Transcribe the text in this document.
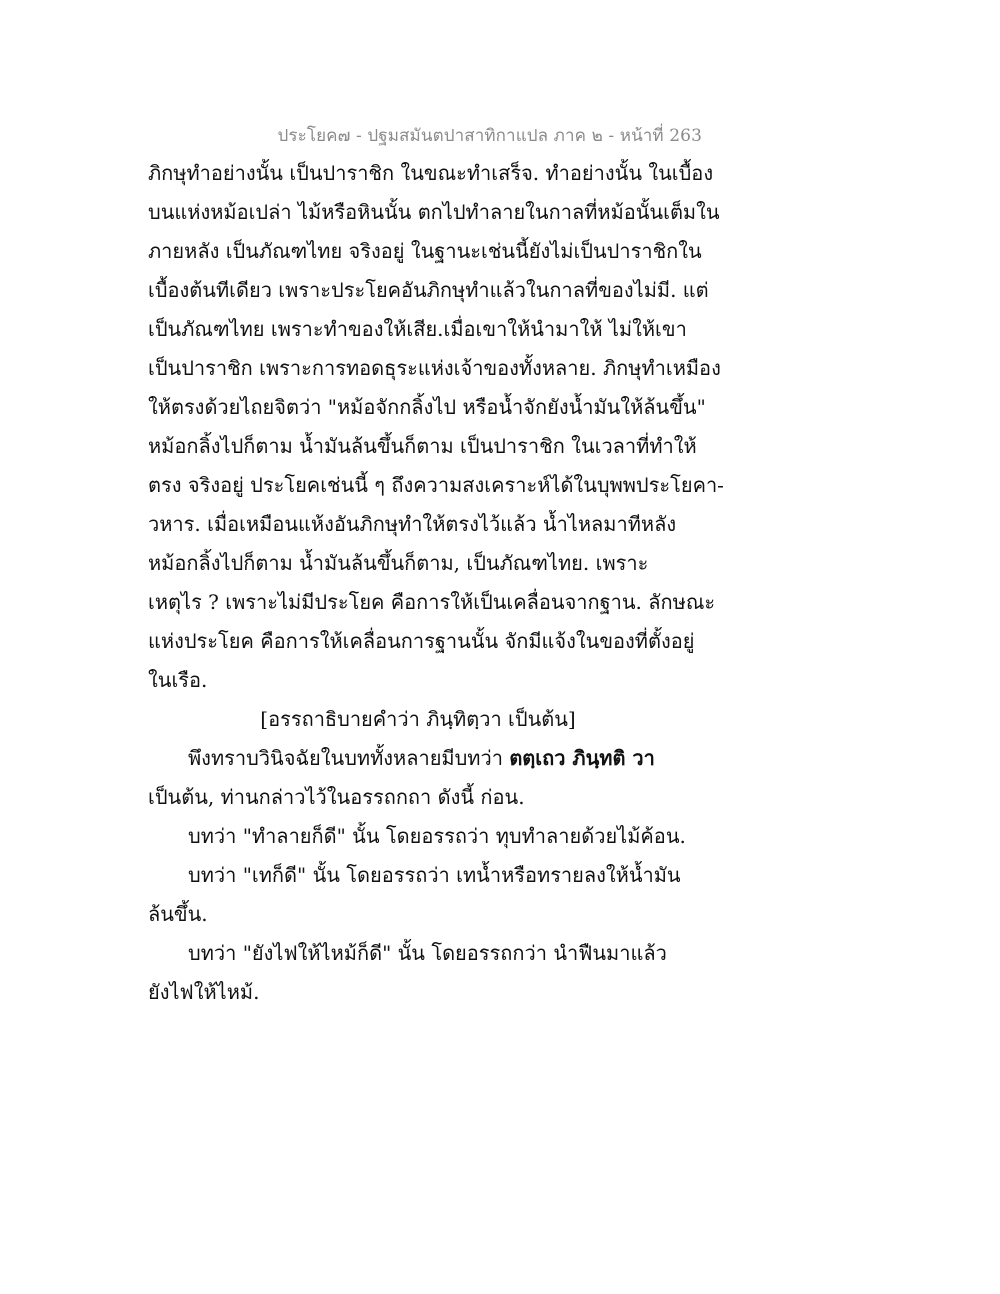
ประโยค๗ - ปฐมสมันตปาสาทิกาแปล ภาค ๒ - หน้าที่ 263
ภิกษุทำอย่างนั้น เป็นปาราชิก ในขณะทำเสร็จ. ทำอย่างนั้น ในเบื้อง
บนแห่งหม้อเปล่า ไม้หรือหินนั้น ตกไปทำลายในกาลที่หม้อนั้นเต็มใน
ภายหลัง เป็นภัณฑไทย จริงอยู่ ในฐานะเช่นนี้ยังไม่เป็นปาราชิกใน
เบื้องต้นทีเดียว เพราะประโยคอันภิกษุทำแล้วในกาลที่ของไม่มี. แต่
เป็นภัณฑไทย เพราะทำของให้เสีย.เมื่อเขาให้นำมาให้ ไม่ให้เขา
เป็นปาราชิก เพราะการทอดธุระแห่งเจ้าของทั้งหลาย. ภิกษุทำเหมือง
ให้ตรงด้วยไถยจิตว่า "หม้อจักกลิ้งไป หรือน้ำจักยังน้ำมันให้ล้นขึ้น"
หม้อกลิ้งไปก็ตาม น้ำมันล้นขึ้นก็ตาม เป็นปาราชิก ในเวลาที่ทำให้
ตรง จริงอยู่ ประโยคเช่นนี้ ๆ ถึงความสงเคราะห์ได้ในบุพพประโยคา-
วหาร. เมื่อเหมือนแห้งอันภิกษุทำให้ตรงไว้แล้ว น้ำไหลมาทีหลัง
หม้อกลิ้งไปก็ตาม น้ำมันล้นขึ้นก็ตาม, เป็นภัณฑไทย. เพราะ
เหตุไร ? เพราะไม่มีประโยค คือการให้เป็นเคลื่อนจากฐาน. ลักษณะ
แห่งประโยค คือการให้เคลื่อนการฐานนั้น จักมีแจ้งในของที่ตั้งอยู่
ในเรือ.
[อรรถาธิบายคำว่า ภินฺทิตฺวา เป็นต้น]
พึงทราบวินิจฉัยในบททั้งหลายมีบทว่า ตตฺเถว ภินฺทติ วา
เป็นต้น, ท่านกล่าวไว้ในอรรถกถา ดังนี้ ก่อน.
บทว่า "ทำลายก็ดี" นั้น โดยอรรถว่า ทุบทำลายด้วยไม้ค้อน.
บทว่า "เทก็ดี" นั้น โดยอรรถว่า เทน้ำหรือทรายลงให้น้ำมัน
ล้นขึ้น.
บทว่า "ยังไฟให้ไหม้ก็ดี" นั้น โดยอรรถกว่า นำฟืนมาแล้ว
ยังไฟให้ไหม้.
